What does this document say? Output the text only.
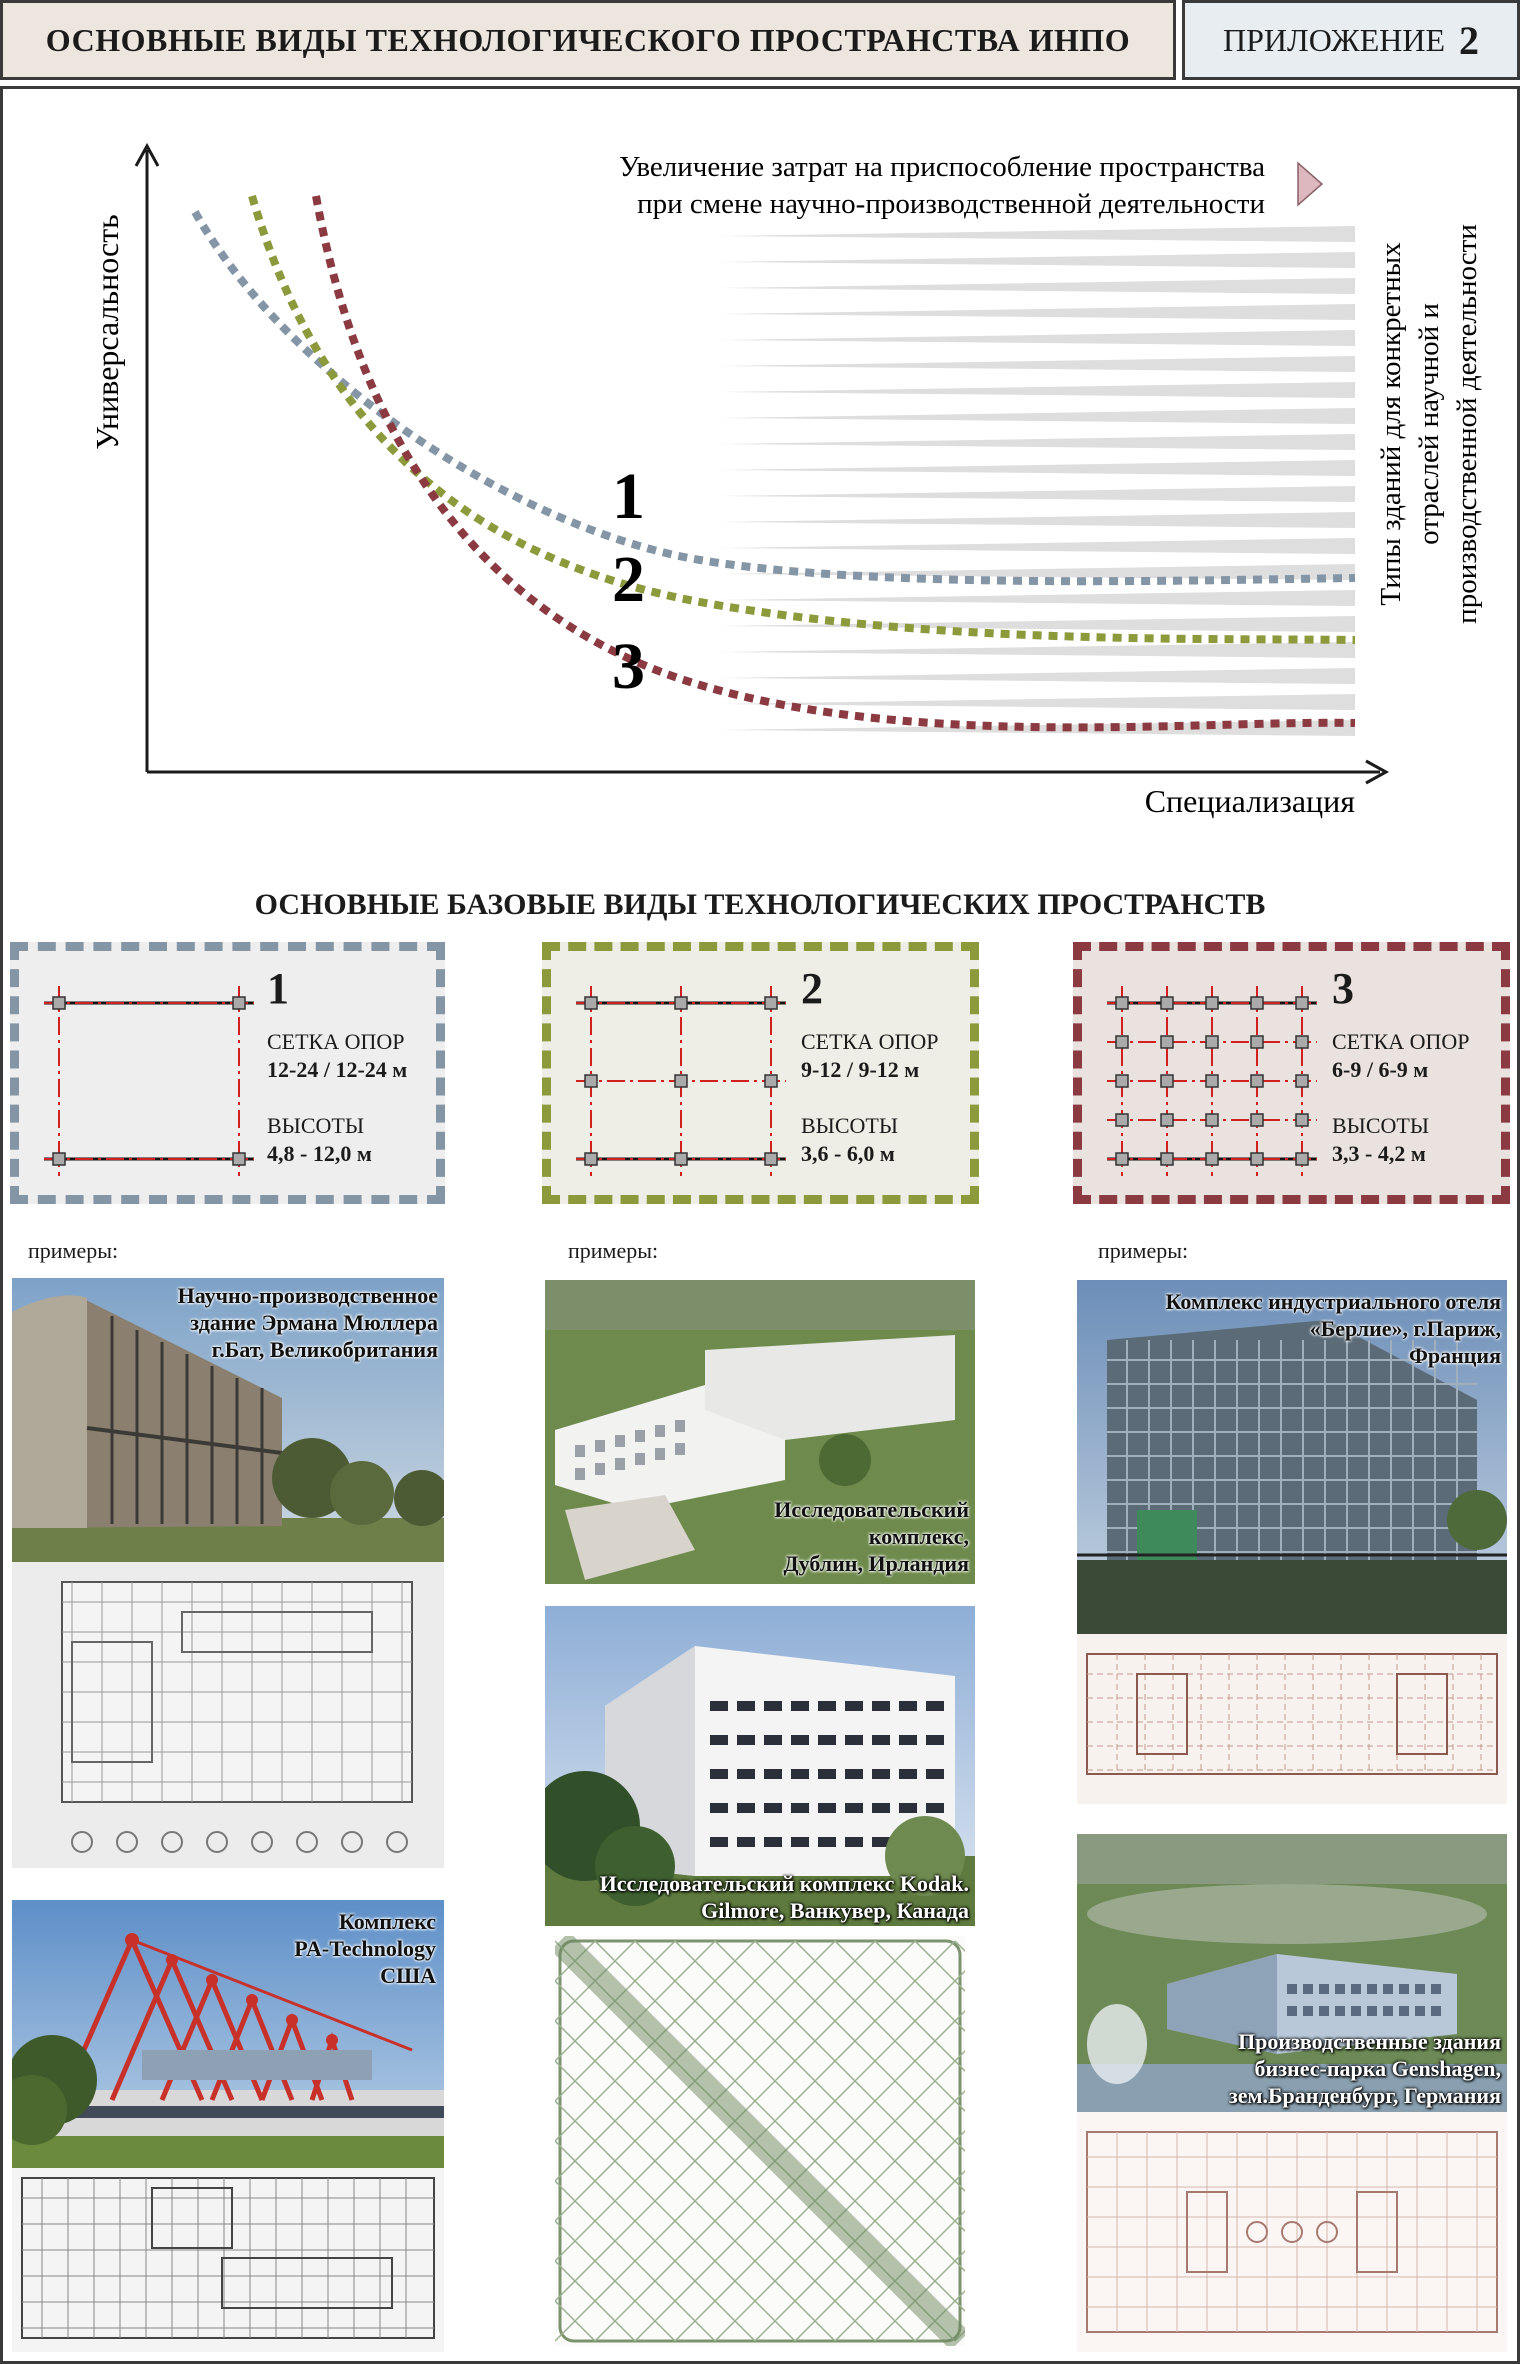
ОСНОВНЫЕ ВИДЫ ТЕХНОЛОГИЧЕСКОГО ПРОСТРАНСТВА ИНПО	ПРИЛОЖЕНИЕ 2
1
2
3
Универсальность
Специализация
Увеличение затрат на приспособление пространства
при смене научно-производственной деятельности
Типы зданий для конкретных отраслей научной и производственной деятельности
ОСНОВНЫЕ БАЗОВЫЕ ВИДЫ ТЕХНОЛОГИЧЕСКИХ ПРОСТРАНСТВ
1
СЕТКА ОПОР
12-24 / 12-24 м
ВЫСОТЫ
4,8 - 12,0 м
2
СЕТКА ОПОР
9-12 / 9-12 м
ВЫСОТЫ
3,6 - 6,0 м
3
СЕТКА ОПОР
6-9 / 6-9 м
ВЫСОТЫ
3,3 - 4,2 м
примеры:	примеры:	примеры:
Научно-производственное
здание Эрмана Мюллера
г.Бат, Великобритания
Комплекс
PA-Technology
США
Исследовательский
комплекс,
Дублин, Ирландия
Исследовательский комплекс Kodak.
Gilmore, Ванкувер, Канада
Комплекс индустриального отеля
«Берлие», г.Париж,
Франция
Производственные здания
бизнес-парка Genshagen,
зем.Бранденбург, Германия
